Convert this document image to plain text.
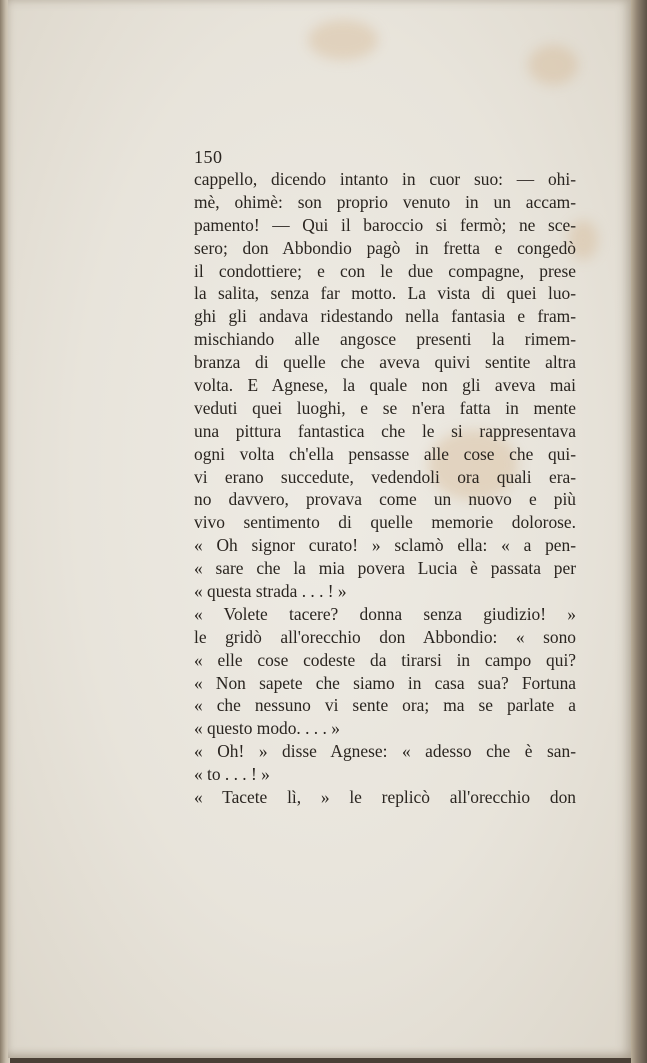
150
cappello, dicendo intanto in cuor suo: — ohi-
mè, ohimè: son proprio venuto in un accam-
pamento! — Qui il baroccio si fermò; ne sce-
sero; don Abbondio pagò in fretta e congedò
il condottiere; e con le due compagne, prese
la salita, senza far motto. La vista di quei luo-
ghi gli andava ridestando nella fantasia e fram-
mischiando alle angosce presenti la rimem-
branza di quelle che aveva quivi sentite altra
volta. E Agnese, la quale non gli aveva mai
veduti quei luoghi, e se n'era fatta in mente
una pittura fantastica che le si rappresentava
ogni volta ch'ella pensasse alle cose che qui-
vi erano succedute, vedendoli ora quali era-
no davvero, provava come un nuovo e più
vivo sentimento di quelle memorie dolorose.
« Oh signor curato! » sclamò ella: « a pen-
« sare che la mia povera Lucia è passata per
« questa strada . . . ! »
« Volete tacere? donna senza giudizio! »
le gridò all'orecchio don Abbondio: « sono
« elle cose codeste da tirarsi in campo qui?
« Non sapete che siamo in casa sua? Fortuna
« che nessuno vi sente ora; ma se parlate a
« questo modo. . . . »
« Oh! » disse Agnese: « adesso che è san-
« to . . . ! »
« Tacete lì, » le replicò all'orecchio don
